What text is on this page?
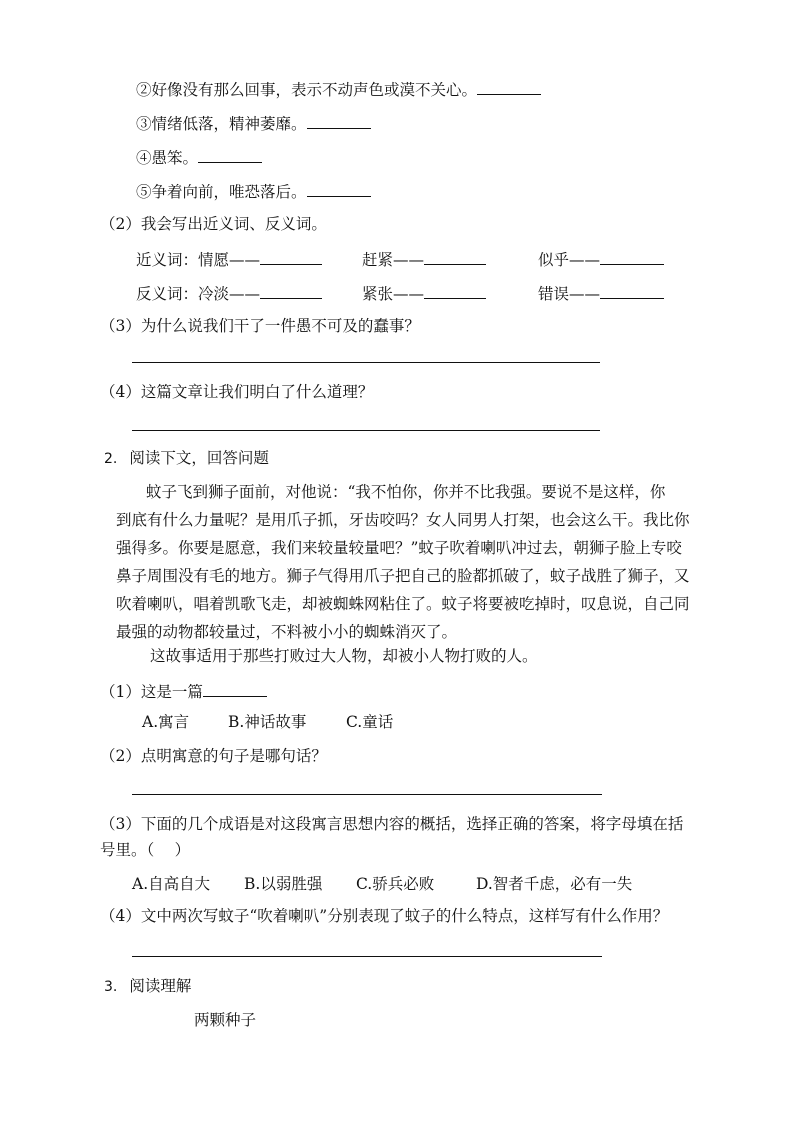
②好像没有那么回事，表示不动声色或漠不关心。
③情绪低落，精神萎靡。
④愚笨。
⑤争着向前，唯恐落后。
（2）我会写出近义词、反义词。
近义词：情愿——	赶紧——	似乎——
反义词：冷淡——	紧张——	错误——
（3）为什么说我们干了一件愚不可及的蠢事？
（4）这篇文章让我们明白了什么道理？
2. 阅读下文，回答问题
蚊子飞到狮子面前，对他说：“我不怕你，你并不比我强。要说不是这样，你
到底有什么力量呢？是用爪子抓，牙齿咬吗？女人同男人打架，也会这么干。我比你
强得多。你要是愿意，我们来较量较量吧？”蚊子吹着喇叭冲过去，朝狮子脸上专咬
鼻子周围没有毛的地方。狮子气得用爪子把自己的脸都抓破了，蚊子战胜了狮子，又
吹着喇叭，唱着凯歌飞走，却被蜘蛛网粘住了。蚊子将要被吃掉时，叹息说，自己同
最强的动物都较量过，不料被小小的蜘蛛消灭了。
这故事适用于那些打败过大人物，却被小人物打败的人。
（1）这是一篇
A.寓言	B.神话故事	C.童话
（2）点明寓意的句子是哪句话？
（3）下面的几个成语是对这段寓言思想内容的概括，选择正确的答案，将字母填在括
号里。（　 ）
A.自高自大 B.以弱胜强 C.骄兵必败	D.智者千虑，必有一失
（4）文中两次写蚊子“吹着喇叭”分别表现了蚊子的什么特点，这样写有什么作用？
3. 阅读理解
两颗种子
